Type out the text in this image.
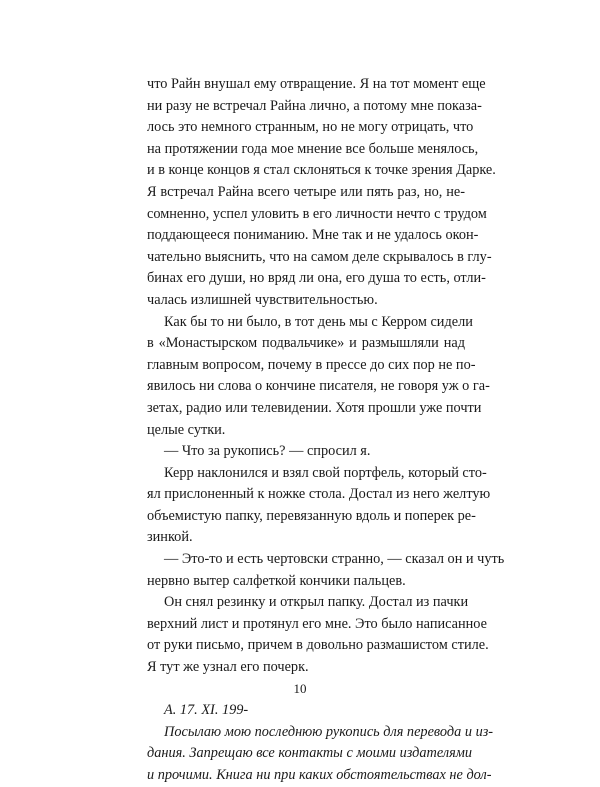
что Райн внушал ему отвращение. Я на тот момент еще
ни разу не встречал Райна лично, а потому мне показа-
лось это немного странным, но не могу отрицать, что
на протяжении года мое мнение все больше менялось,
и в конце концов я стал склоняться к точке зрения Дарке.
Я встречал Райна всего четыре или пять раз, но, не-
сомненно, успел уловить в его личности нечто с трудом
поддающееся пониманию. Мне так и не удалось окон-
чательно выяснить, что на самом деле скрывалось в глу-
бинах его души, но вряд ли она, его душа то есть, отли-
чалась излишней чувствительностью.
Как бы то ни было, в тот день мы с Керром сидели
в «Монастырском подвальчике» и размышляли над
главным вопросом, почему в прессе до сих пор не по-
явилось ни слова о кончине писателя, не говоря уж о га-
зетах, радио или телевидении. Хотя прошли уже почти
целые сутки.
— Что за рукопись? — спросил я.
Керр наклонился и взял свой портфель, который сто-
ял прислоненный к ножке стола. Достал из него желтую
объемистую папку, перевязанную вдоль и поперек ре-
зинкой.
— Это-то и есть чертовски странно, — сказал он и чуть
нервно вытер салфеткой кончики пальцев.
Он снял резинку и открыл папку. Достал из пачки
верхний лист и протянул его мне. Это было написанное
от руки письмо, причем в довольно размашистом стиле.
Я тут же узнал его почерк.
А. 17. XI. 199-
Посылаю мою последнюю рукопись для перевода и из-
дания. Запрещаю все контакты с моими издателями
и прочими. Книга ни при каких обстоятельствах не дол-
10
